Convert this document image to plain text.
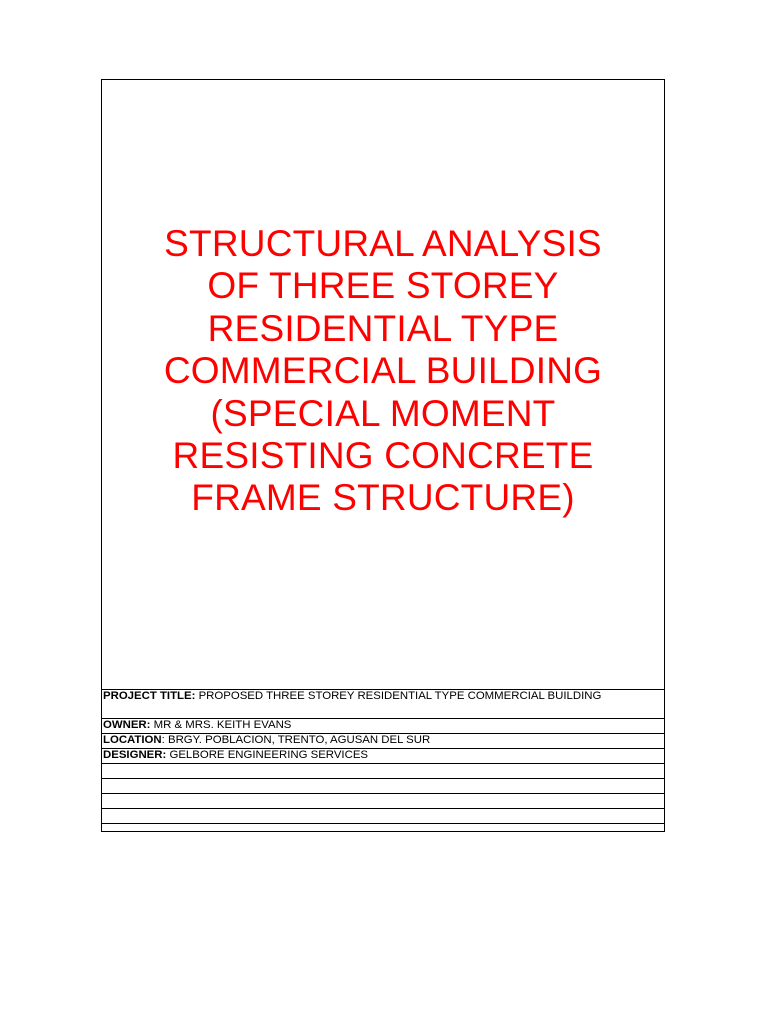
STRUCTURAL ANALYSIS
OF THREE STOREY
RESIDENTIAL TYPE
COMMERCIAL BUILDING
(SPECIAL MOMENT
RESISTING CONCRETE
FRAME STRUCTURE)
PROJECT TITLE: PROPOSED THREE STOREY RESIDENTIAL TYPE COMMERCIAL BUILDING
OWNER: MR & MRS. KEITH EVANS
LOCATION: BRGY. POBLACION, TRENTO, AGUSAN DEL SUR
DESIGNER: GELBORE ENGINEERING SERVICES
